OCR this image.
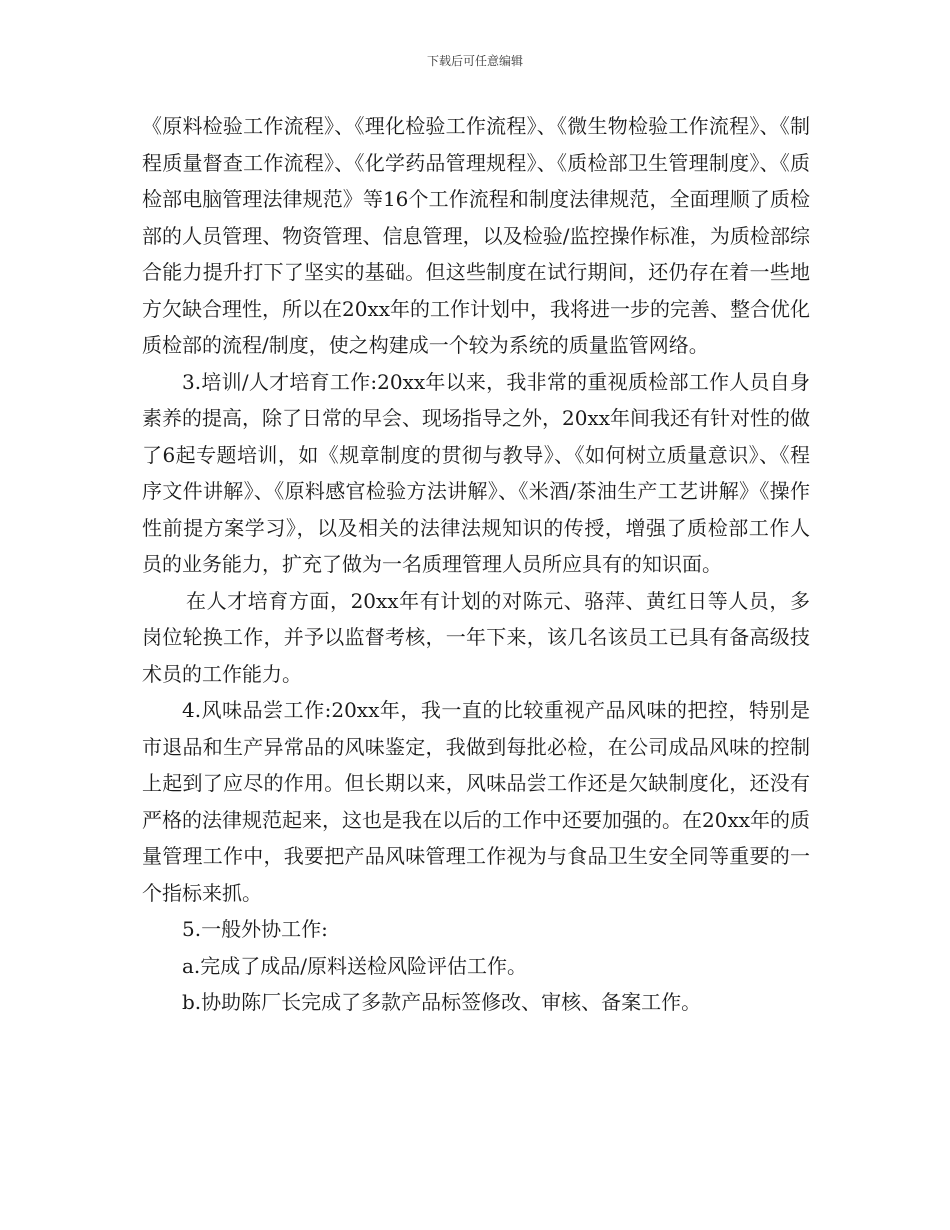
下载后可任意编辑

《原料检验工作流程》、《理化检验工作流程》、《微生物检验工作流程》、《制程质量督查工作流程》、《化学药品管理规程》、《质检部卫生管理制度》、《质检部电脑管理法律规范》等16个工作流程和制度法律规范，全面理顺了质检部的人员管理、物资管理、信息管理，以及检验/监控操作标准，为质检部综合能力提升打下了坚实的基础。但这些制度在试行期间，还仍存在着一些地方欠缺合理性，所以在20xx年的工作计划中，我将进一步的完善、整合优化质检部的流程/制度，使之构建成一个较为系统的质量监管网络。

3.培训/人才培育工作:20xx年以来，我非常的重视质检部工作人员自身素养的提高，除了日常的早会、现场指导之外，20xx年间我还有针对性的做了6起专题培训，如《规章制度的贯彻与教导》、《如何树立质量意识》、《程序文件讲解》、《原料感官检验方法讲解》、《米酒/茶油生产工艺讲解》《操作性前提方案学习》，以及相关的法律法规知识的传授，增强了质检部工作人员的业务能力，扩充了做为一名质理管理人员所应具有的知识面。

在人才培育方面，20xx年有计划的对陈元、骆萍、黄红日等人员，多岗位轮换工作，并予以监督考核，一年下来，该几名该员工已具有备高级技术员的工作能力。

4.风味品尝工作:20xx年，我一直的比较重视产品风味的把控，特别是市退品和生产异常品的风味鉴定，我做到每批必检，在公司成品风味的控制上起到了应尽的作用。但长期以来，风味品尝工作还是欠缺制度化，还没有严格的法律规范起来，这也是我在以后的工作中还要加强的。在20xx年的质量管理工作中，我要把产品风味管理工作视为与食品卫生安全同等重要的一个指标来抓。

5.一般外协工作:

a.完成了成品/原料送检风险评估工作。

b.协助陈厂长完成了多款产品标签修改、审核、备案工作。
